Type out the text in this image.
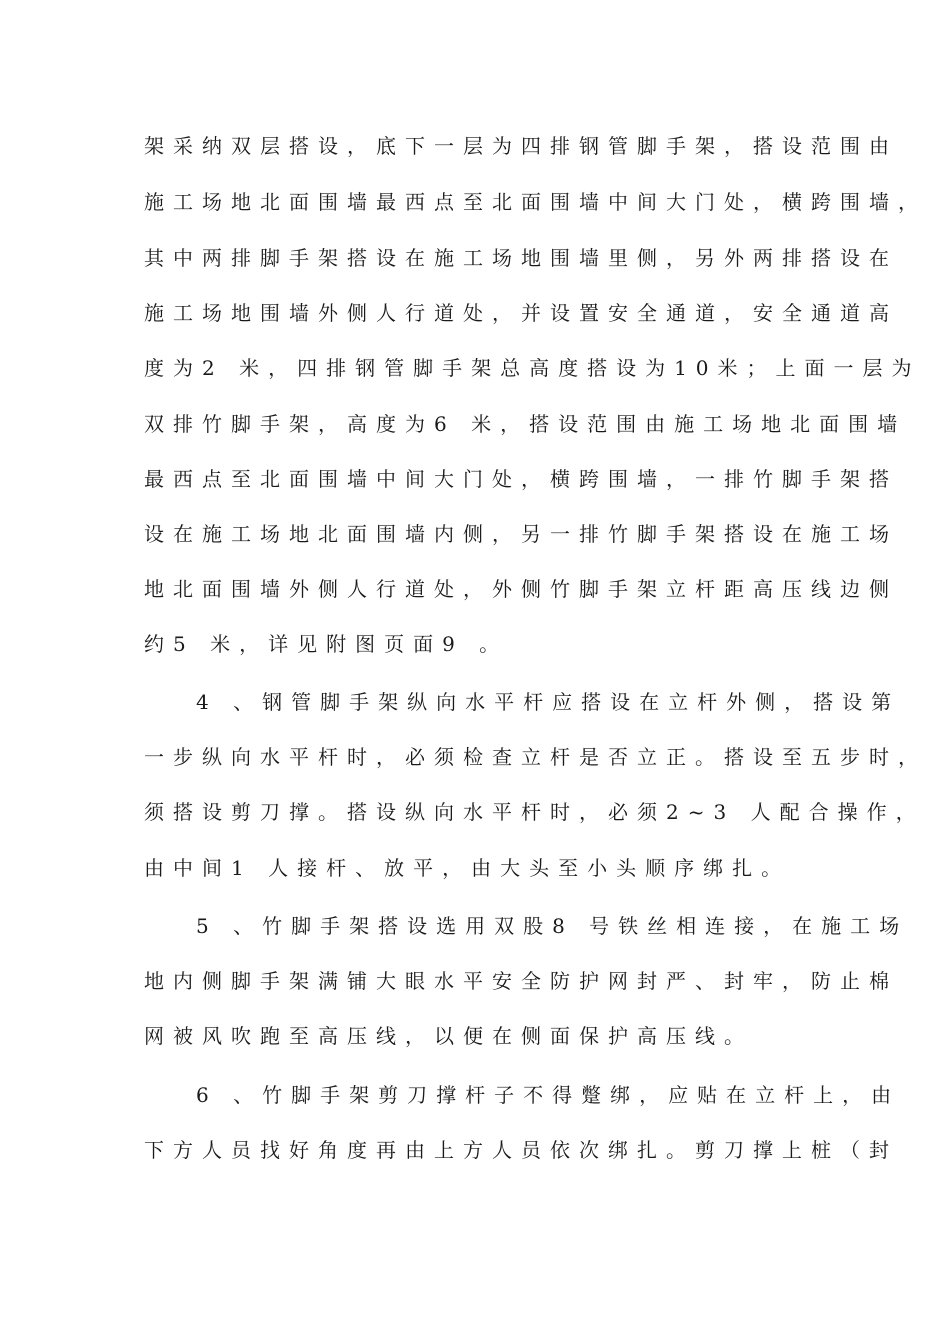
架采纳双层搭设，底下一层为四排钢管脚手架，搭设范围由
施工场地北面围墙最西点至北面围墙中间大门处，横跨围墙，
其中两排脚手架搭设在施工场地围墙里侧，另外两排搭设在
施工场地围墙外侧人行道处，并设置安全通道，安全通道高
度为2 米，四排钢管脚手架总高度搭设为10米；上面一层为
双排竹脚手架，高度为6 米，搭设范围由施工场地北面围墙
最西点至北面围墙中间大门处，横跨围墙，一排竹脚手架搭
设在施工场地北面围墙内侧，另一排竹脚手架搭设在施工场
地北面围墙外侧人行道处，外侧竹脚手架立杆距高压线边侧
约5 米，详见附图页面9 。
4 、钢管脚手架纵向水平杆应搭设在立杆外侧，搭设第
一步纵向水平杆时，必须检查立杆是否立正。搭设至五步时，
须搭设剪刀撑。搭设纵向水平杆时，必须2~3 人配合操作，
由中间1 人接杆、放平，由大头至小头顺序绑扎。
5 、竹脚手架搭设选用双股8 号铁丝相连接，在施工场
地内侧脚手架满铺大眼水平安全防护网封严、封牢，防止棉
网被风吹跑至高压线，以便在侧面保护高压线。
6 、竹脚手架剪刀撑杆子不得蹩绑，应贴在立杆上，由
下方人员找好角度再由上方人员依次绑扎。剪刀撑上桩（封
